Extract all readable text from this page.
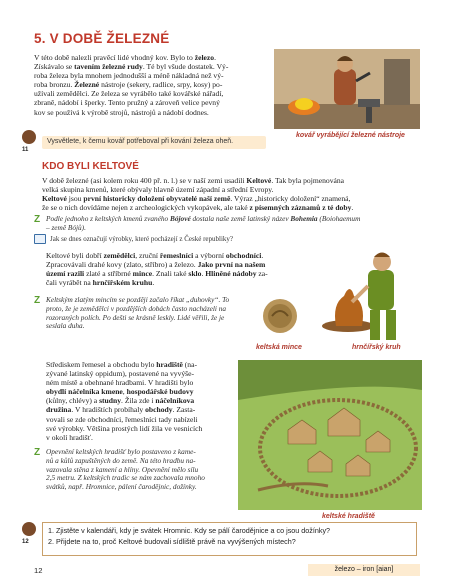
5. V DOBĚ ŽELEZNÉ
V této době nalezli pravěcí lidé vhodný kov. Bylo to železo.
Získávalo se tavením železné rudy. Té byl všude dostatek. Vý-
roba železa byla mnohem jednodušší a méně nákladná než vý-
roba bronzu. Železné nástroje (sekery, radlice, srpy, kosy) po-
užívali zemědělci. Ze železa se vyrábělo také kovářské nářadí,
zbraně, nádobí i šperky. Tento pružný a zároveň velice pevný
kov se používá k výrobě strojů, nástrojů a nádobí dodnes.
kovář vyrábějící železné nástroje
11
Vysvětlete, k čemu kovář potřeboval při kování železa oheň.
KDO BYLI KELTOVÉ
V době železné (asi kolem roku 400 př. n. l.) se v naší zemi usadili Keltové. Tak byla pojmenována
velká skupina kmenů, které obývaly hlavně území západní a střední Evropy.
Keltové jsou první historicky doložení obyvatelé naší země. Výraz „historicky doložení“ znamená,
že se o nich dovídáme nejen z archeologických vykopávek, ale také z písemných záznamů z té doby.
Z Podle jednoho z keltských kmenů zvaného Bójové dostala naše země latinský název Bohemia (Boiohaemum
– země Bójů).
Jak se dnes označují výrobky, které pocházejí z České republiky?
Keltové byli dobří zemědělci, zruční řemeslníci a výborní obchodníci.
Zpracovávali drahé kovy (zlato, stříbro) a železo. Jako první na našem
území razili zlaté a stříbrné mince. Znali také sklo. Hliněné nádoby za-
čali vyrábět na hrnčířském kruhu.
Z Keltským zlatým mincím se později začalo říkat „duhovky“. To
proto, že je zemědělci v pozdějších dobách často nacházeli na
rozoraných polích. Po dešti se krásně leskly. Lidé věřili, že je
seslala duha.
keltská mince	hrnčířský kruh
Střediskem řemesel a obchodu bylo hradiště (na-
zývané latinský oppidum), postavené na vyvýše-
ném místě a obehnané hradbami. V hradišti bylo
obydlí náčelníka kmene, hospodářské budovy
(kůlny, chlévy) a studny. Žila zde i náčelníkova
družina. V hradištích probíhaly obchody. Zasta-
vovali se zde obchodníci, řemeslníci tady nabízeli
své výrobky. Většina prostých lidí žila ve vesnicích
v okolí hradišť.
Z Opevnění keltských hradišť bylo postaveno z kame-
nů a kůlů zapuštěných do země. Na této hradbu na-
vazovala stěna z kamení a hlíny. Opevnění mělo sílu
2,5 metru. Z keltských tradic se nám zachovala mnoho
svátků, např. Hromnice, pálení čarodějnic, dožínky.
keltské hradiště
12
1. Zjistěte v kalendáři, kdy je svátek Hromnic. Kdy se pálí čarodějnice a co jsou dožínky?
2. Přijdete na to, proč Keltové budovali sídliště právě na vyvýšených místech?
12	železo – iron [aian]
